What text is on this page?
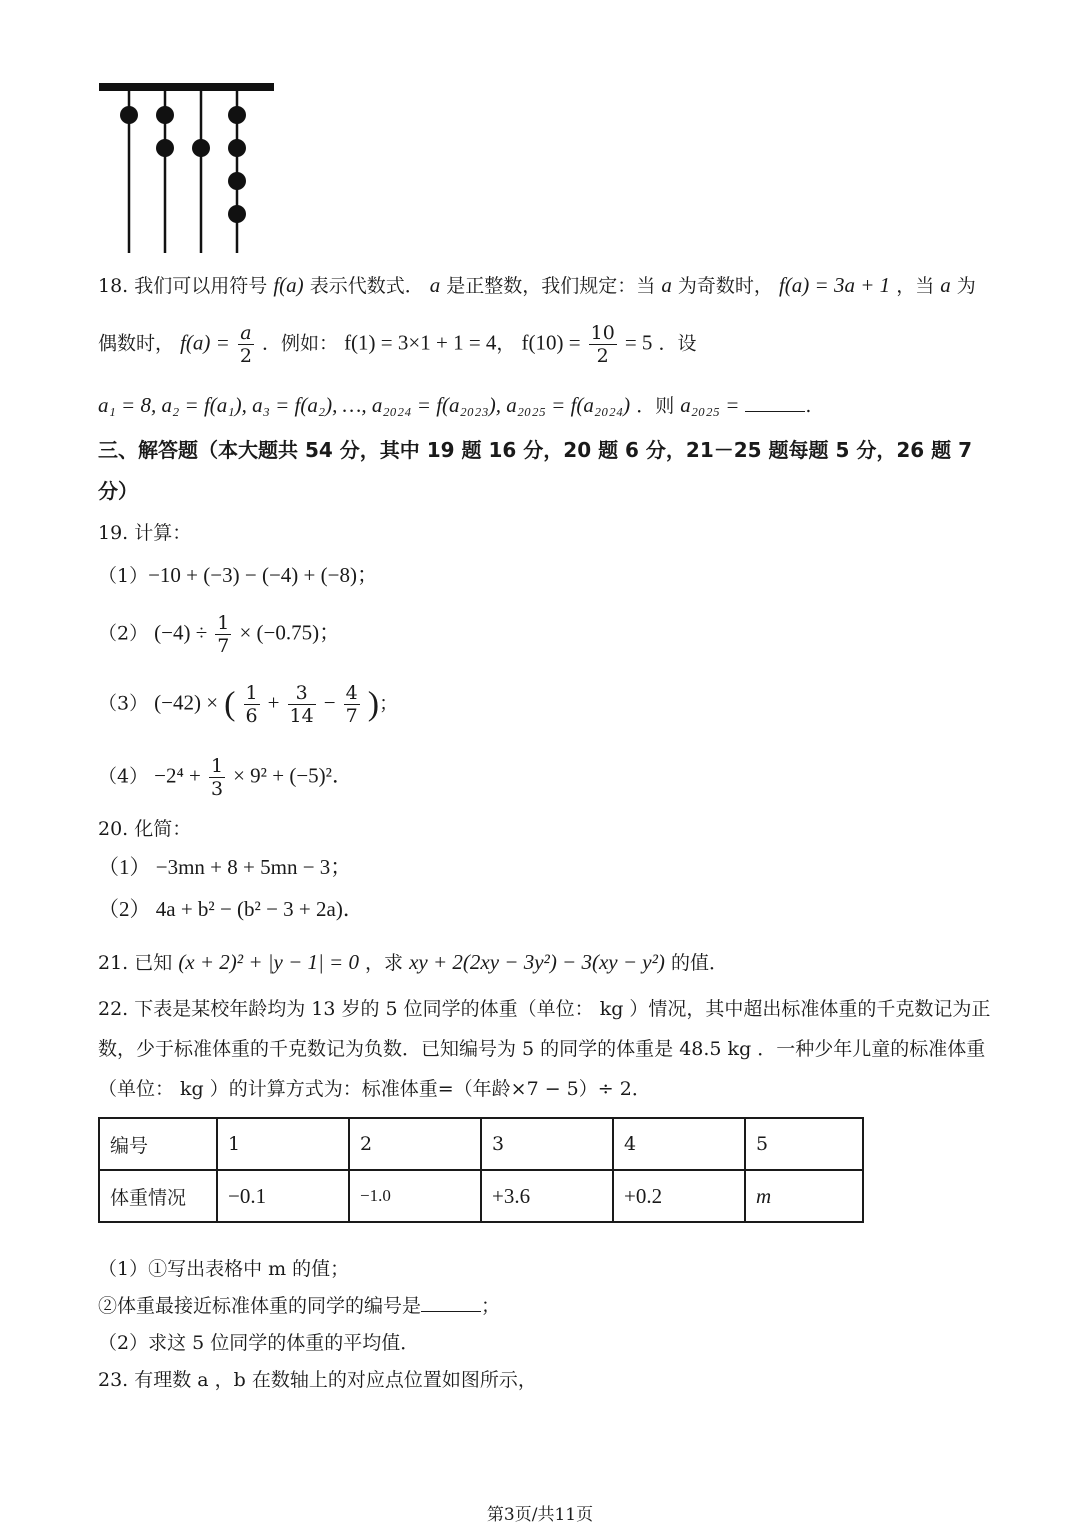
18. 我们可以用符号 f(a) 表示代数式． a 是正整数，我们规定：当 a 为奇数时， f(a) = 3a + 1 ，当 a 为
偶数时， $f(a) = \frac{a}{2}$ ．例如： f(1) = 3×1 + 1 = 4， $f(10) = \frac{10}{2} = 5$ ．设
a₁ = 8, a₂ = f(a₁), a₃ = f(a₂), …, a₂₀₂₄ = f(a₂₀₂₃), a₂₀₂₅ = f(a₂₀₂₄) ．则 a₂₀₂₅ =	.
三、解答题（本大题共 54 分，其中 19 题 16 分，20 题 6 分，21－25 题每题 5 分，26 题 7
分）
19. 计算：
（1）−10 + (−3) − (−4) + (−8)；
（2） $(-4) \div \frac{1}{7} \times (-0.75)$；
（3） (−42) × ( $\frac{1}{6} + \frac{3}{14} - \frac{4}{7}$ )；
$(4) -2^4 + \frac{1}{3} \times 9^2 + (-5)^2$．
20. 化简：
（1） −3mn + 8 + 5mn − 3；
（2） 4a + b² − (b² − 3 + 2a)．
21. 已知 (x + 2)² + |y − 1| = 0 ，求 xy + 2(2xy − 3y²) − 3(xy − y²) 的值．
22. 下表是某校年龄均为 13 岁的 5 位同学的体重（单位： kg ）情况，其中超出标准体重的千克数记为正
数，少于标准体重的千克数记为负数．已知编号为 5 的同学的体重是 48.5 kg ．一种少年儿童的标准体重
（单位： kg ）的计算方式为：标准体重=（年龄×7 − 5）÷ 2．
编号	1	2	3	4	5
体重情况	−0.1	−1.0	+3.6	+0.2	m
（1）①写出表格中 m 的值；
②体重最接近标准体重的同学的编号是	；
（2）求这 5 位同学的体重的平均值．
23. 有理数 a ，b 在数轴上的对应点位置如图所示，
第3页/共11页
